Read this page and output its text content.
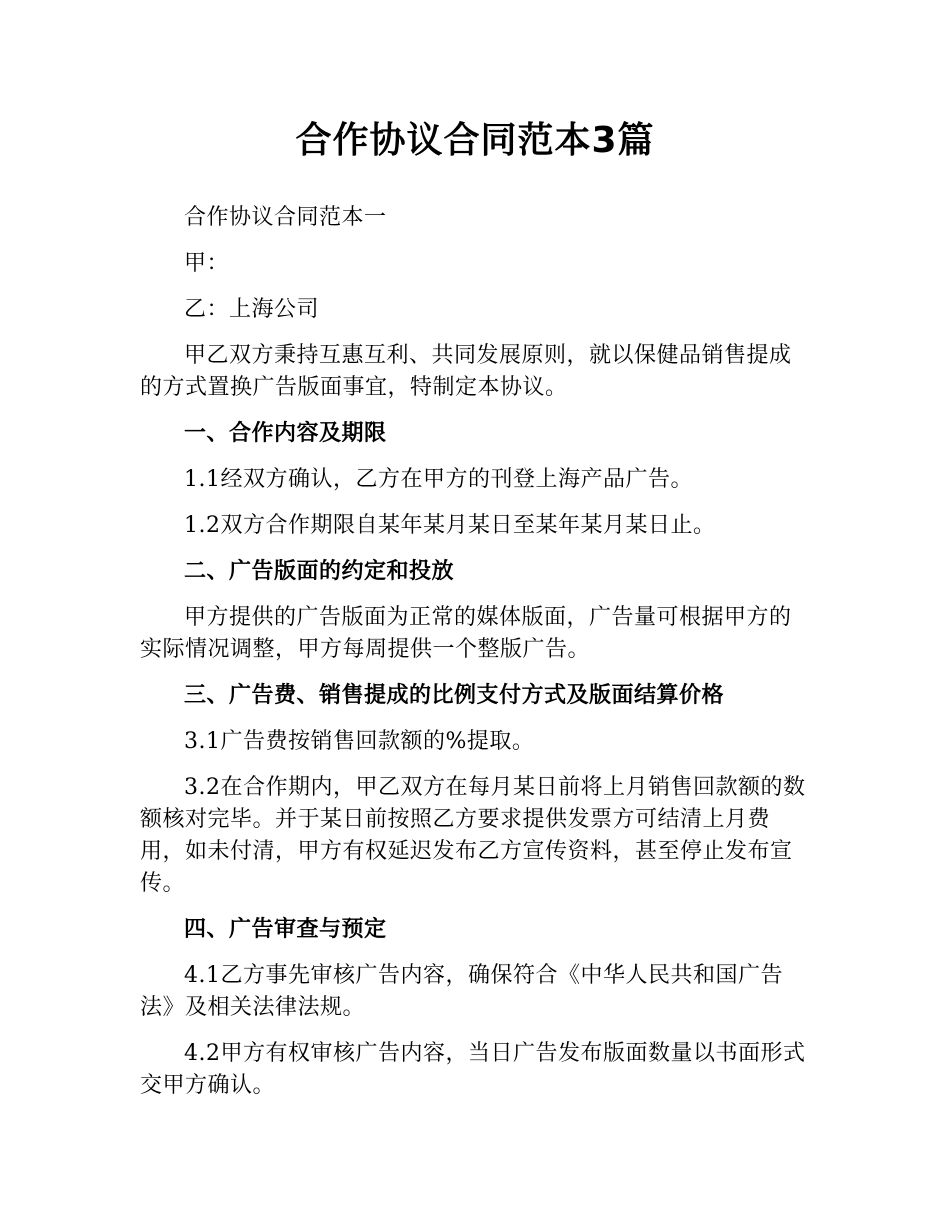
合作协议合同范本3篇

合作协议合同范本一

甲：

乙：上海公司

甲乙双方秉持互惠互利、共同发展原则，就以保健品销售提成的方式置换广告版面事宜，特制定本协议。

一、合作内容及期限

1.1经双方确认，乙方在甲方的刊登上海产品广告。

1.2双方合作期限自某年某月某日至某年某月某日止。

二、广告版面的约定和投放

甲方提供的广告版面为正常的媒体版面，广告量可根据甲方的实际情况调整，甲方每周提供一个整版广告。

三、广告费、销售提成的比例支付方式及版面结算价格

3.1广告费按销售回款额的%提取。

3.2在合作期内，甲乙双方在每月某日前将上月销售回款额的数额核对完毕。并于某日前按照乙方要求提供发票方可结清上月费用，如未付清，甲方有权延迟发布乙方宣传资料，甚至停止发布宣传。

四、广告审查与预定

4.1乙方事先审核广告内容，确保符合《中华人民共和国广告法》及相关法律法规。

4.2甲方有权审核广告内容，当日广告发布版面数量以书面形式交甲方确认。
